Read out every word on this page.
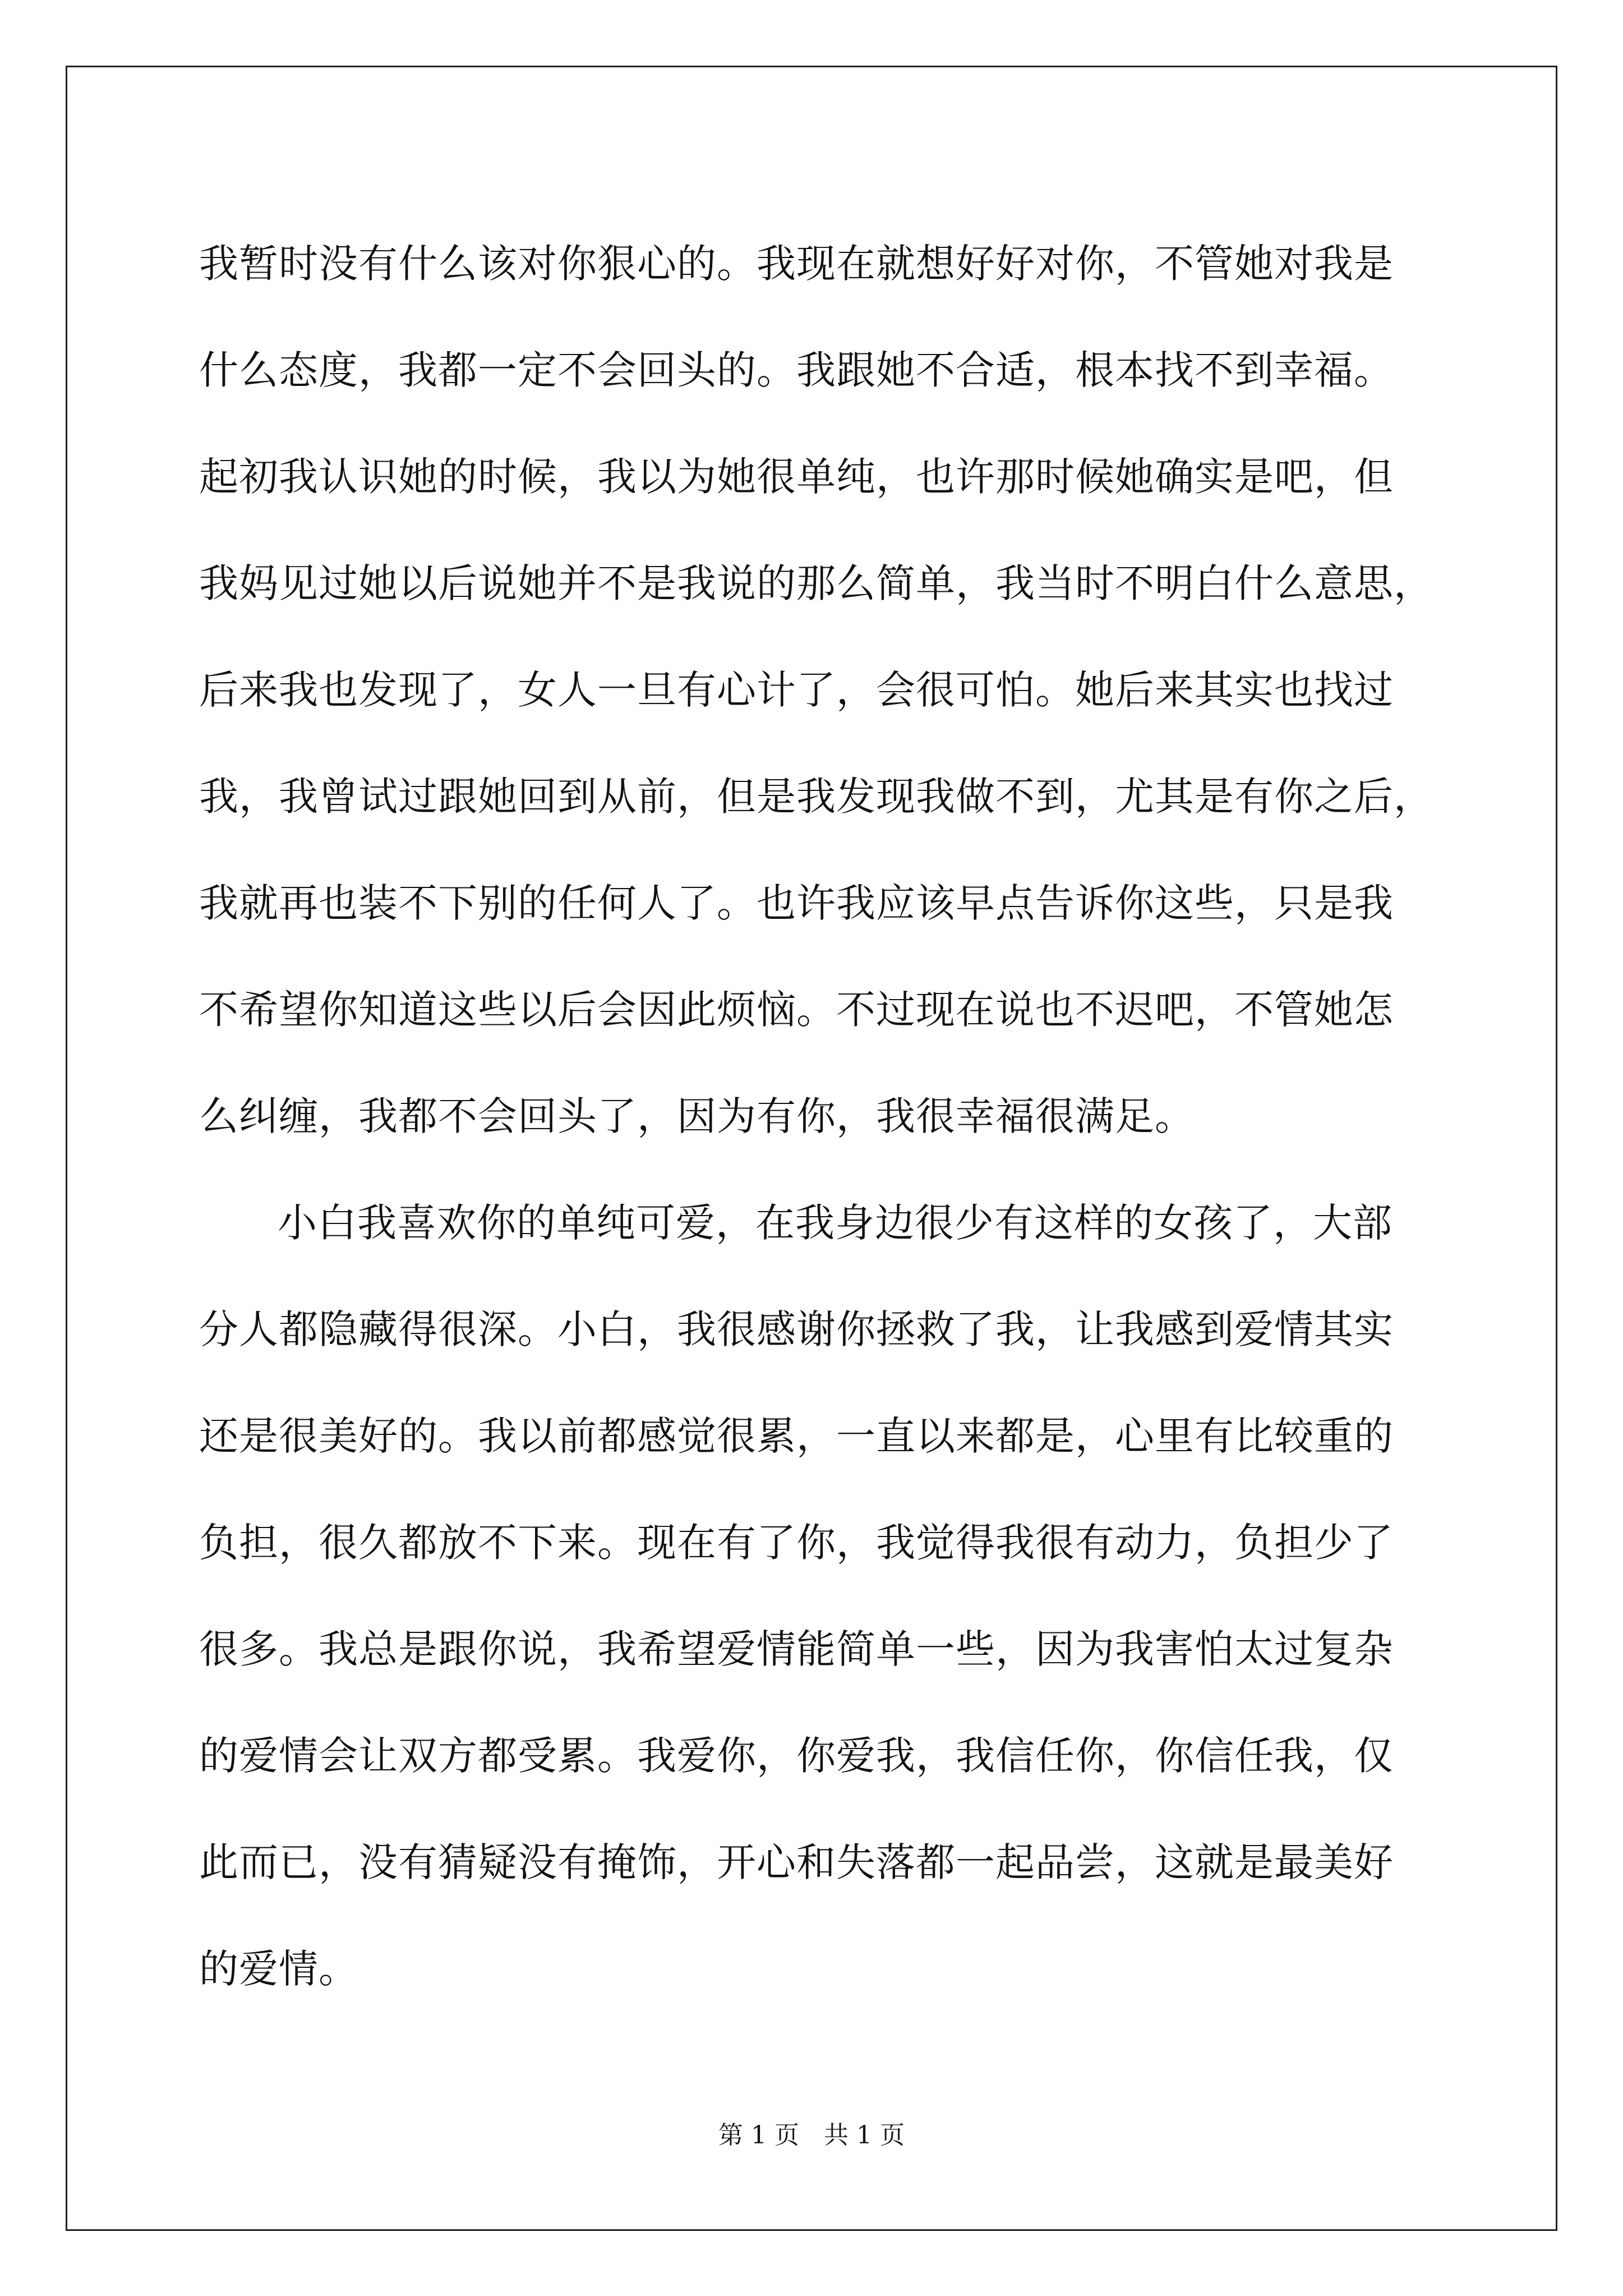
我暂时没有什么该对你狠心的。我现在就想好好对你，不管她对我是
什么态度，我都一定不会回头的。我跟她不合适，根本找不到幸福。
起初我认识她的时候，我以为她很单纯，也许那时候她确实是吧，但
我妈见过她以后说她并不是我说的那么简单，我当时不明白什么意思，
后来我也发现了，女人一旦有心计了，会很可怕。她后来其实也找过
我，我曾试过跟她回到从前，但是我发现我做不到，尤其是有你之后，
我就再也装不下别的任何人了。也许我应该早点告诉你这些，只是我
不希望你知道这些以后会因此烦恼。不过现在说也不迟吧，不管她怎
么纠缠，我都不会回头了，因为有你，我很幸福很满足。
小白我喜欢你的单纯可爱，在我身边很少有这样的女孩了，大部
分人都隐藏得很深。小白，我很感谢你拯救了我，让我感到爱情其实
还是很美好的。我以前都感觉很累，一直以来都是，心里有比较重的
负担，很久都放不下来。现在有了你，我觉得我很有动力，负担少了
很多。我总是跟你说，我希望爱情能简单一些，因为我害怕太过复杂
的爱情会让双方都受累。我爱你，你爱我，我信任你，你信任我，仅
此而已，没有猜疑没有掩饰，开心和失落都一起品尝，这就是最美好
的爱情。
第 1 页　共 1 页
